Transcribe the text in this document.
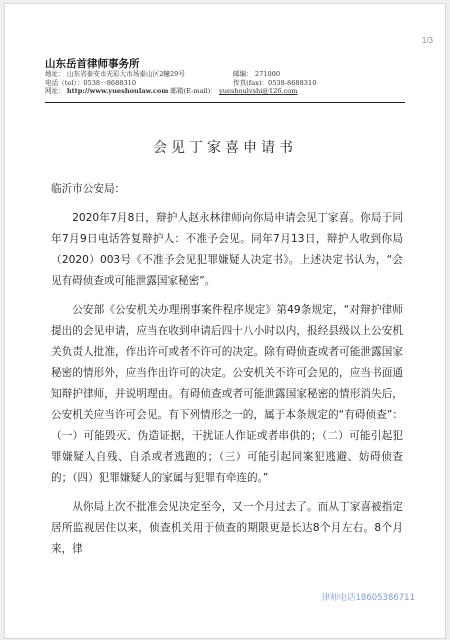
1/3
山东岳首律师事务所
地址： 山东省泰安市光彩大市场泰山区2幢29号	邮编： 271000
电话（tel）：0538－8688310	传真(fax)：0538-8688310
网址： http://www.yueshoulaw.com 邮箱(E-mail)： yueshoulvshi@126.com
会见丁家喜申请书

临沂市公安局：

2020年7月8日，辩护人赵永林律师向你局申请会见丁家喜。你局于同年7月9日电话答复辩护人：不准予会见。同年7月13日，辩护人收到你局（2020）003号《不准予会见犯罪嫌疑人决定书》。上述决定书认为，“会见有碍侦查或可能泄露国家秘密”。

公安部《公安机关办理刑事案件程序规定》第49条规定，“对辩护律师提出的会见申请，应当在收到申请后四十八小时以内，报经县级以上公安机关负责人批准，作出许可或者不许可的决定。除有碍侦查或者可能泄露国家秘密的情形外，应当作出许可的决定。公安机关不许可会见的，应当书面通知辩护律师，并说明理由。有碍侦查或者可能泄露国家秘密的情形消失后，公安机关应当许可会见。有下列情形之一的，属于本条规定的“有碍侦查”：（一）可能毁灭、伪造证据，干扰证人作证或者串供的；（二）可能引起犯罪嫌疑人自残、自杀或者逃跑的；（三）可能引起同案犯逃避、妨碍侦查的；（四）犯罪嫌疑人的家属与犯罪有牵连的。”

从你局上次不批准会见决定至今，又一个月过去了。而从丁家喜被指定居所监视居住以来，侦查机关用于侦查的期限更是长达8个月左右。8个月来，律

律师电话18605386711
